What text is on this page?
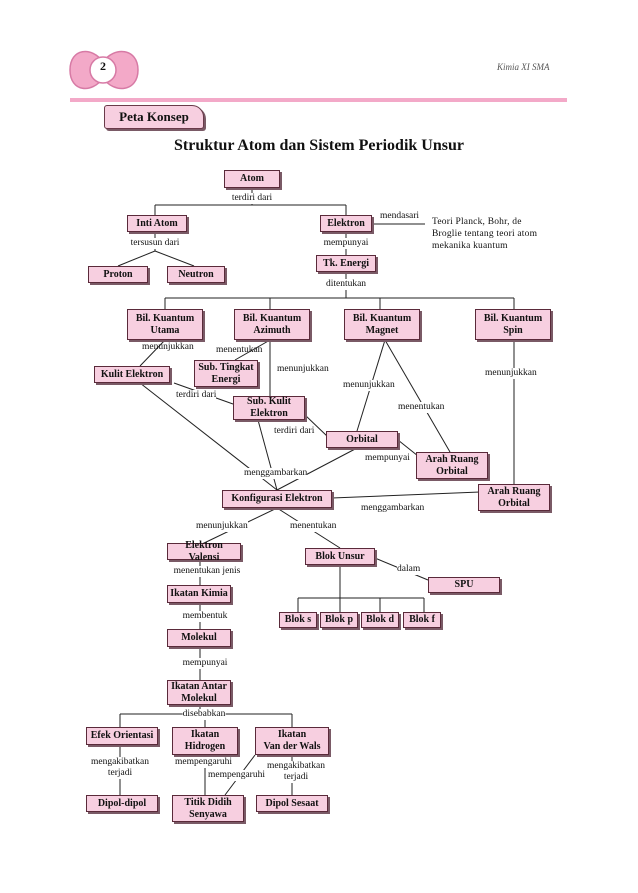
2	Kimia XI SMA
Peta Konsep
Struktur Atom dan Sistem Periodik Unsur
Atom
Inti Atom	Elektron
Proton	Neutron
Tk. Energi
Bil. Kuantum
Utama
Bil. Kuantum
Azimuth
Bil. Kuantum
Magnet
Bil. Kuantum
Spin
Kulit Elektron
Sub. Tingkat
Energi
Sub. Kulit
Elektron
Orbital
Arah Ruang
Orbital
Arah Ruang
Orbital
Konfigurasi Elektron
Elektron Valensi	Blok Unsur
SPU
Blok s	Blok p	Blok d	Blok f
Ikatan Kimia
Molekul
Ikatan Antar
Molekul
Efek Orientasi	Ikatan
Hidrogen
Ikatan
Van der Wals
Dipol-dipol	Titik Didih
Senyawa
Dipol Sesaat
Teori Planck, Bohr, de Broglie tentang teori atom mekanika kuantum
terdiri dari
mendasari
tersusun dari	mempunyai
ditentukan
menunjukkan menentukan
menunjukkan
menunjukkan
menentukan
menunjukkan
terdiri dari
terdiri dari
mempunyai
menggambarkan
menggambarkan
menunjukkan	menentukan
menentukan jenis	dalam
membentuk
mempunyai
disebabkan
mengakibatkan
terjadi
mempengaruhi
mempengaruhi
mengakibatkan
terjadi
